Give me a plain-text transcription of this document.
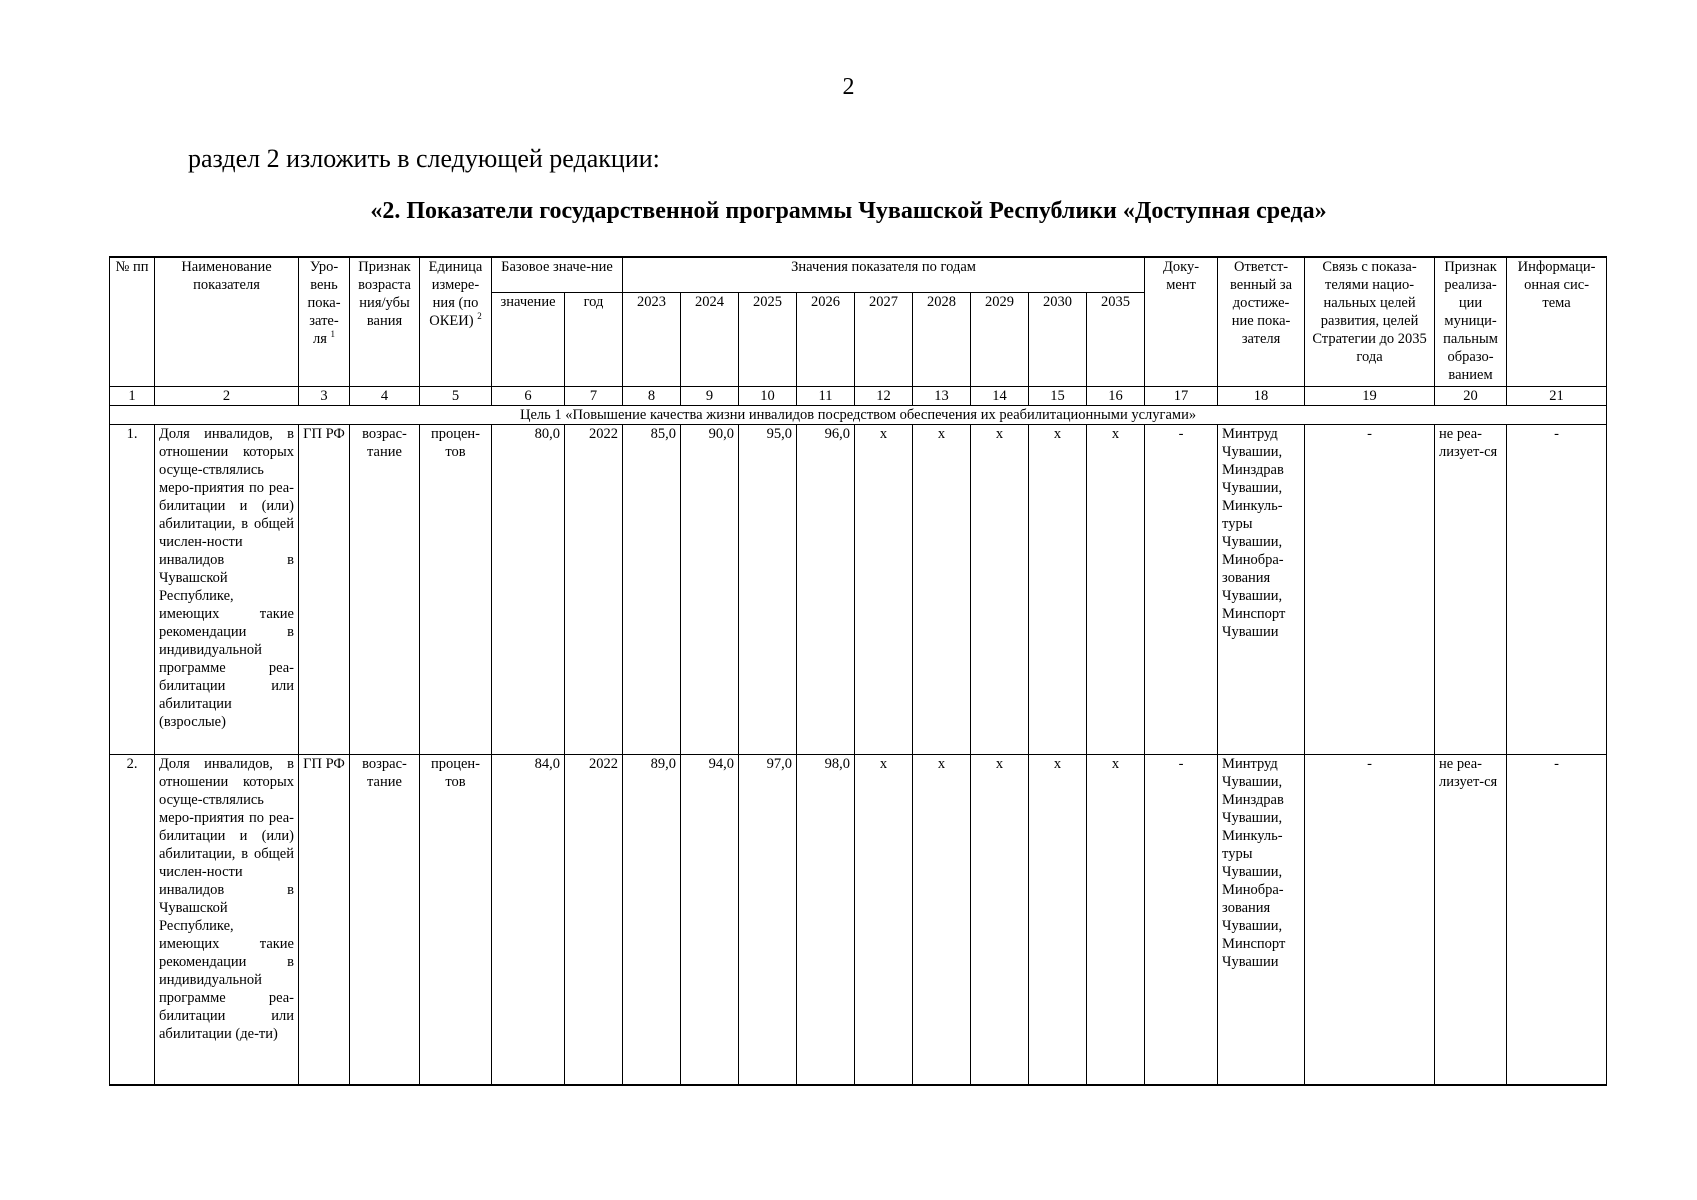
2
раздел 2 изложить в следующей редакции:
«2. Показатели государственной программы Чувашской Республики «Доступная среда»
№ пп	Наименование показателя	Уро-вень пока-зате-ля $^1$	Признак возраста ния/убы вания	Единица измере-ния (по ОКЕИ) $^2$	Базовое значе-ние		Значения показателя по годам									Доку-мент	Ответст-венный за достиже-ние пока-зателя	Связь с показа-телями нацио-нальных целей развития, целей Стратегии до 2035 года	Признак реализа-ции муници-пальным образо-ванием	Информаци-онная сис-тема
					значение	год	2023	2024	2025	2026	2027	2028	2029	2030	2035					
1	2	3	4	5	6	7	8	9	10	11	12	13	14	15	16	17	18	19	20	21
Цель 1 «Повышение качества жизни инвалидов посредством обеспечения их реабилитационными услугами»																				
1.	Доля инвалидов, в отношении которых осуще-ствлялись меро-приятия по реа-билитации и (или) абилитации, в общей числен-ности инвалидов в Чувашской Республике, имеющих такие рекомендации в индивидуальной программе реа-билитации или абилитации (взрослые)	ГП РФ	возрас-тание	процен-тов	80,0	2022	85,0	90,0	95,0	96,0	x	x	x	x	x	-	Минтруд Чувашии, Минздрав Чувашии, Минкуль-туры Чувашии, Минобра-зования Чувашии, Минспорт Чувашии	-	не реа-лизует-ся	-
2.	Доля инвалидов, в отношении которых осуще-ствлялись меро-приятия по реа-билитации и (или) абилитации, в общей числен-ности инвалидов в Чувашской Республике, имеющих такие рекомендации в индивидуальной программе реа-билитации или абилитации (де-ти)	ГП РФ	возрас-тание	процен-тов	84,0	2022	89,0	94,0	97,0	98,0	x	x	x	x	x	-	Минтруд Чувашии, Минздрав Чувашии, Минкуль-туры Чувашии, Минобра-зования Чувашии, Минспорт Чувашии	-	не реа-лизует-ся	-
